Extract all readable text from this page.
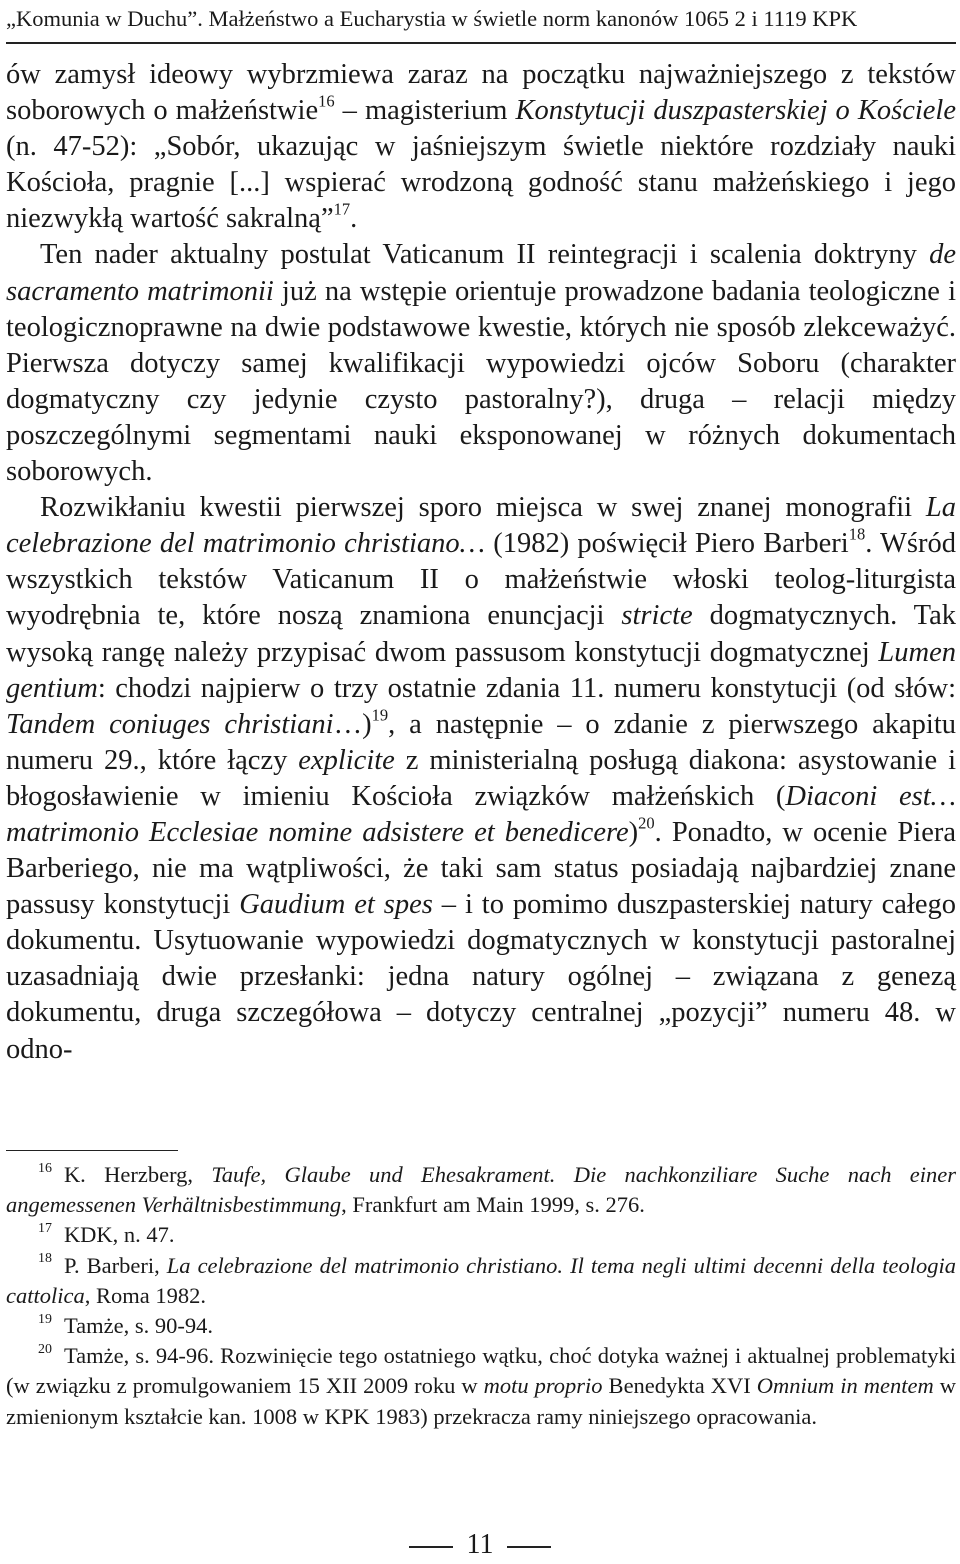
„Komunia w Duchu”. Małżeństwo a Eucharystia w świetle norm kanonów 1065 2 i 1119 KPK

ów zamysł ideowy wybrzmiewa zaraz na początku najważniejszego z tekstów soborowych o małżeństwie$^{16}$ – magisterium Konstytucji duszpasterskiej o Kościele (n. 47-52): „Sobór, ukazując w jaśniejszym świetle niektóre rozdziały nauki Kościoła, pragnie [...] wspierać wrodzoną godność stanu małżeńskiego i jego niezwykłą wartość sakralną”$^{17}$.

Ten nader aktualny postulat Vaticanum II reintegracji i scalenia doktryny de sacramento matrimonii już na wstępie orientuje prowadzone badania teologiczne i teologicznoprawne na dwie podstawowe kwestie, których nie sposób zlekceważyć. Pierwsza dotyczy samej kwalifikacji wypowiedzi ojców Soboru (charakter dogmatyczny czy jedynie czysto pastoralny?), druga – relacji między poszczególnymi segmentami nauki eksponowanej w różnych dokumentach soborowych.

Rozwikłaniu kwestii pierwszej sporo miejsca w swej znanej monografii La celebrazione del matrimonio christiano… (1982) poświęcił Piero Barberi$^{18}$. Wśród wszystkich tekstów Vaticanum II o małżeństwie włoski teolog-liturgista wyodrębnia te, które noszą znamiona enuncjacji stricte dogmatycznych. Tak wysoką rangę należy przypisać dwom passusom konstytucji dogmatycznej Lumen gentium: chodzi najpierw o trzy ostatnie zdania 11. numeru konstytucji (od słów: Tandem coniuges christiani…)$^{19}$, a następnie – o zdanie z pierwszego akapitu numeru 29., które łączy explicite z ministerialną posługą diakona: asystowanie i błogosławienie w imieniu Kościoła związków małżeńskich (Diaconi est… matrimonio Ecclesiae nomine adsistere et benedicere)$^{20}$. Ponadto, w ocenie Piera Barberiego, nie ma wątpliwości, że taki sam status posiadają najbardziej znane passusy konstytucji Gaudium et spes – i to pomimo duszpasterskiej natury całego dokumentu. Usytuowanie wypowiedzi dogmatycznych w konstytucji pastoralnej uzasadniają dwie przesłanki: jedna natury ogólnej – związana z genezą dokumentu, druga szczegółowa – dotyczy centralnej „pozycji” numeru 48. w odno-

$^{16}$ K. Herzberg, Taufe, Glaube und Ehesakrament. Die nachkonziliare Suche nach einer angemessenen Verhältnisbestimmung, Frankfurt am Main 1999, s. 276.

$^{17}$ KDK, n. 47.

$^{18}$ P. Barberi, La celebrazione del matrimonio christiano. Il tema negli ultimi decenni della teologia cattolica, Roma 1982.

$^{19}$ Tamże, s. 90-94.

$^{20}$ Tamże, s. 94-96. Rozwinięcie tego ostatniego wątku, choć dotyka ważnej i aktualnej problematyki (w związku z promulgowaniem 15 XII 2009 roku w motu proprio Benedykta XVI Omnium in mentem w zmienionym kształcie kan. 1008 w KPK 1983) przekracza ramy niniejszego opracowania.

11
